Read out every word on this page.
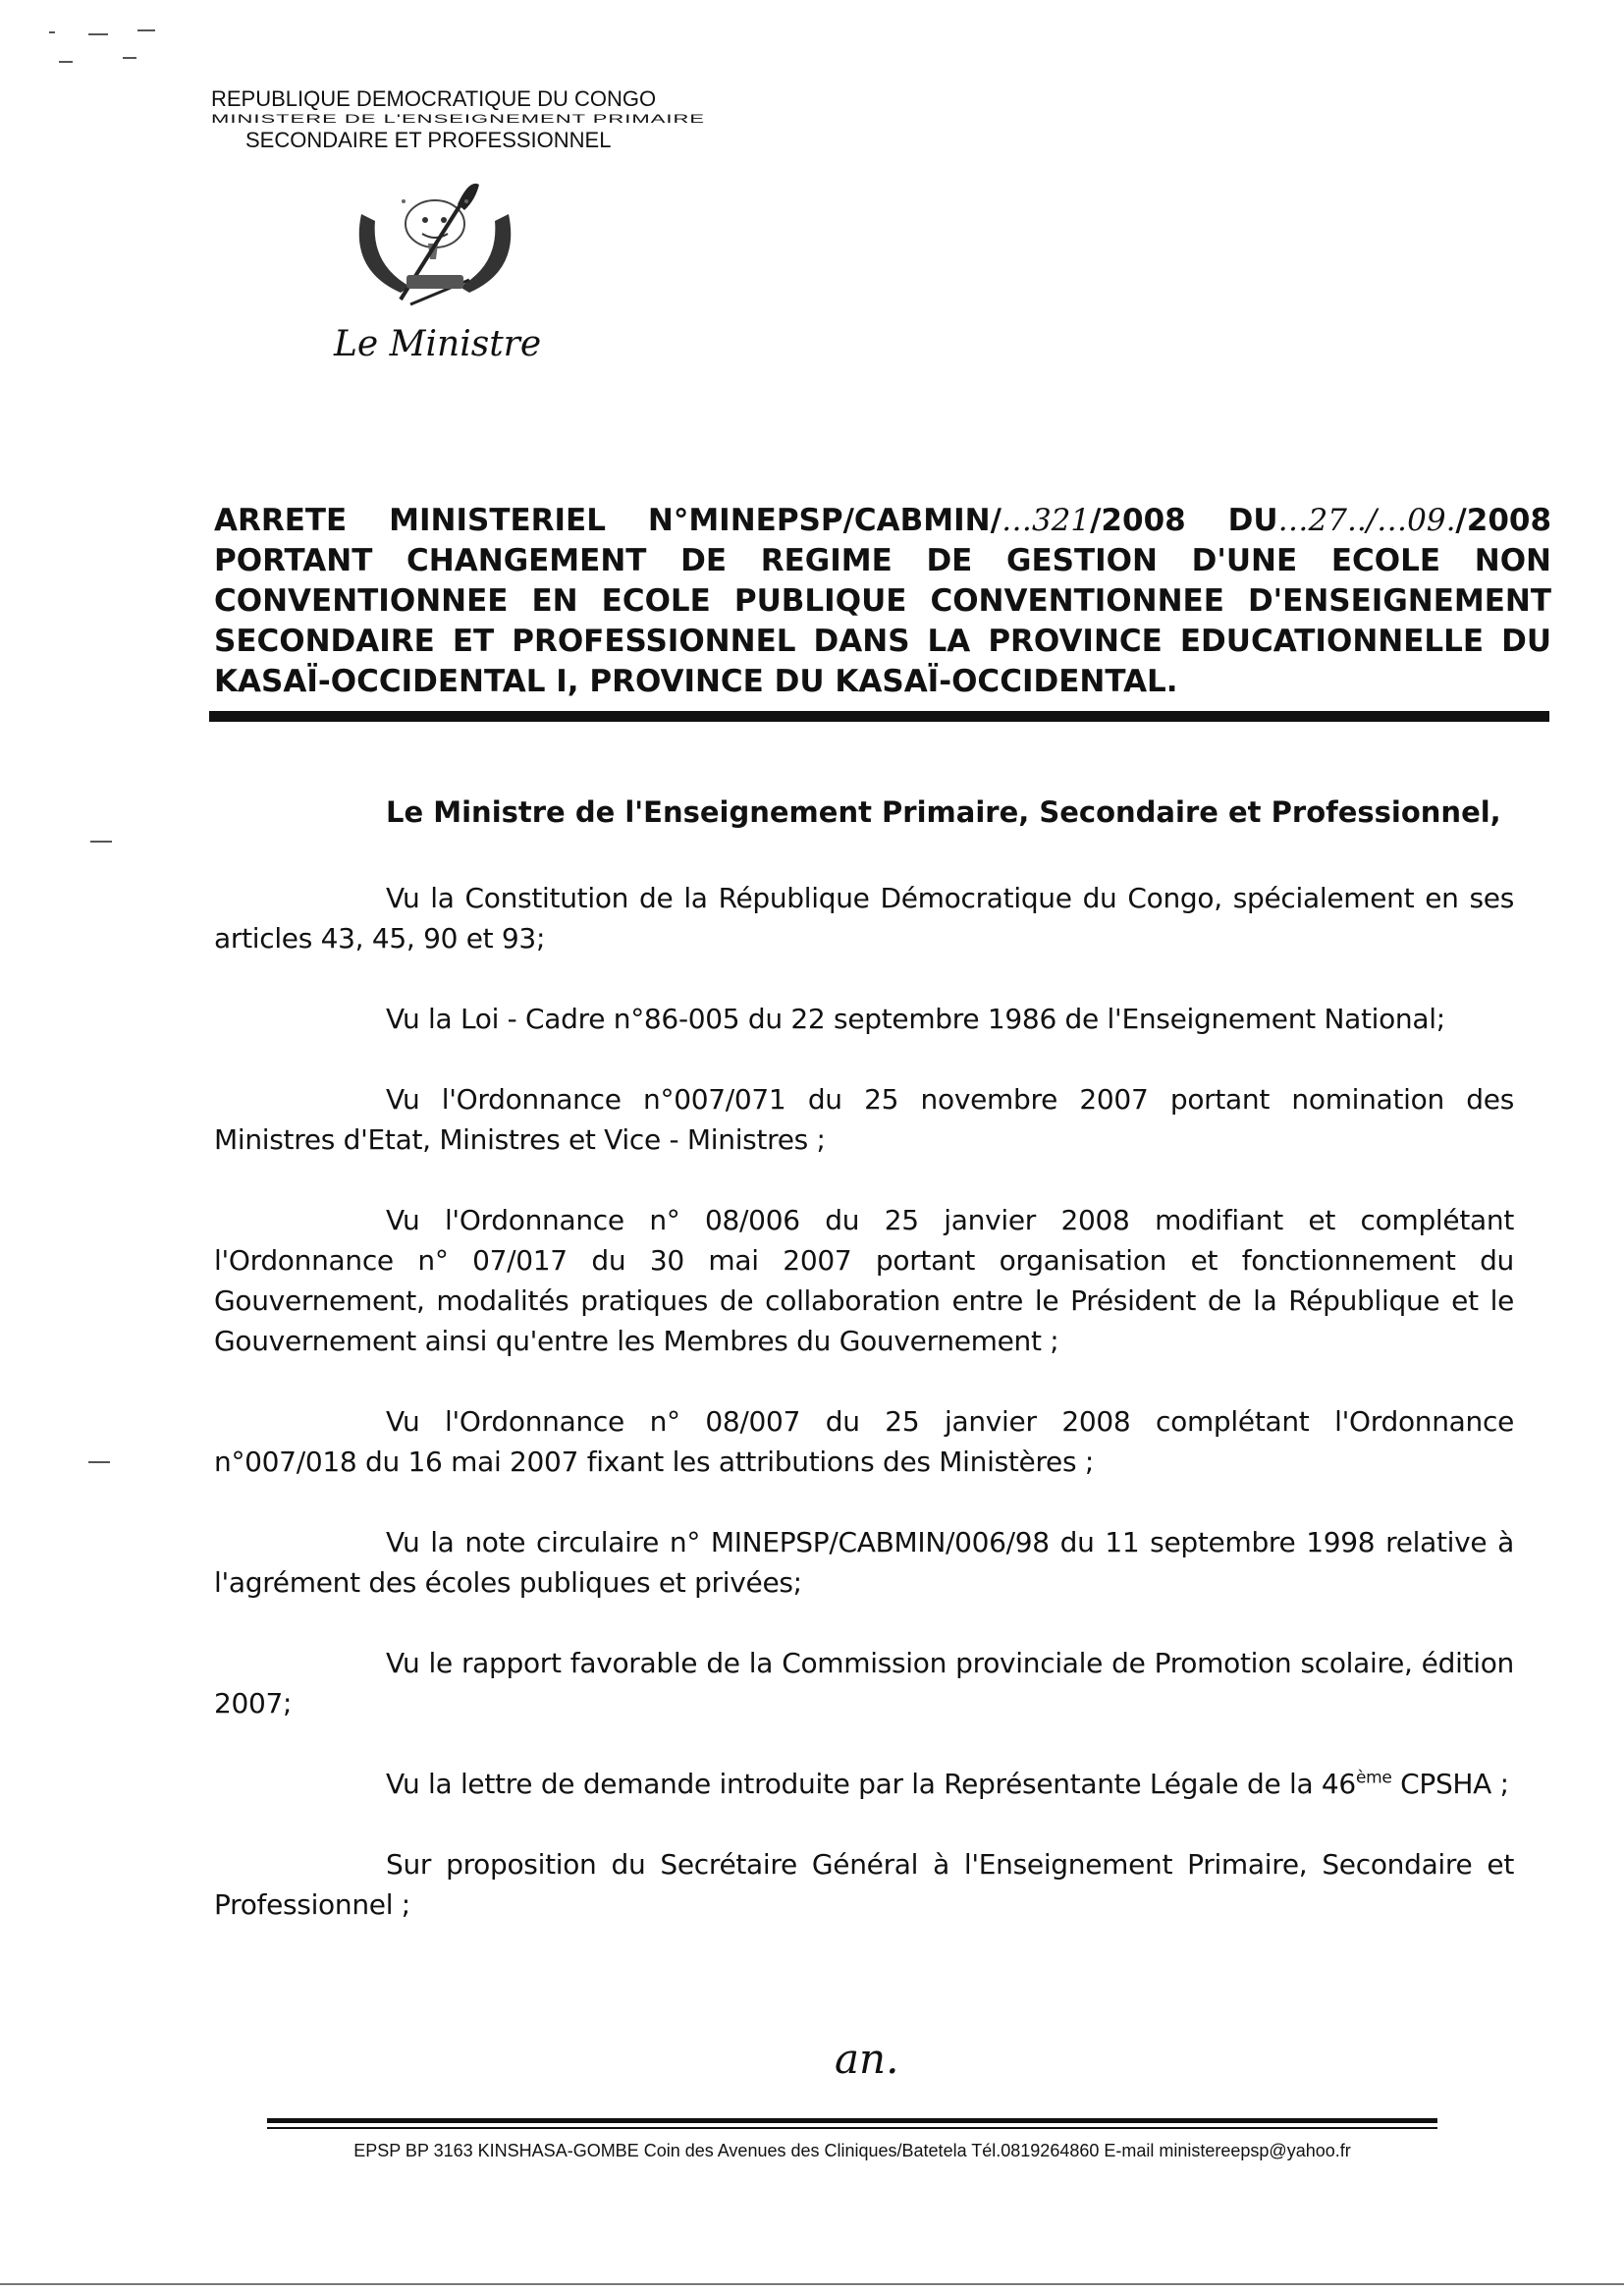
REPUBLIQUE DEMOCRATIQUE DU CONGO
MINISTERE DE L'ENSEIGNEMENT PRIMAIRE
SECONDAIRE ET PROFESSIONNEL
Le Ministre
ARRETE MINISTERIEL N°MINEPSP/CABMIN/…321/2008 DU…27../…09./2008
PORTANT CHANGEMENT DE REGIME DE GESTION D'UNE ECOLE NON
CONVENTIONNEE EN ECOLE PUBLIQUE CONVENTIONNEE D'ENSEIGNEMENT
SECONDAIRE ET PROFESSIONNEL DANS LA PROVINCE EDUCATIONNELLE DU
KASAÏ-OCCIDENTAL I, PROVINCE DU KASAÏ-OCCIDENTAL.
Le Ministre de l'Enseignement Primaire, Secondaire et Professionnel,

Vu la Constitution de la République Démocratique du Congo, spécialement en ses articles 43, 45, 90 et 93;

Vu la Loi - Cadre n°86-005 du 22 septembre 1986 de l'Enseignement National;

Vu l'Ordonnance n°007/071 du 25 novembre 2007 portant nomination des Ministres d'Etat, Ministres et Vice - Ministres ;

Vu l'Ordonnance n° 08/006 du 25 janvier 2008 modifiant et complétant l'Ordonnance n° 07/017 du 30 mai 2007 portant organisation et fonctionnement du Gouvernement, modalités pratiques de collaboration entre le Président de la République et le Gouvernement ainsi qu'entre les Membres du Gouvernement ;

Vu l'Ordonnance n° 08/007 du 25 janvier 2008 complétant l'Ordonnance n°007/018 du 16 mai 2007 fixant les attributions des Ministères ;

Vu la note circulaire n° MINEPSP/CABMIN/006/98 du 11 septembre 1998 relative à l'agrément des écoles publiques et privées;

Vu le rapport favorable de la Commission provinciale de Promotion scolaire, édition 2007;

Vu la lettre de demande introduite par la Représentante Légale de la 46ème CPSHA ;

Sur proposition du Secrétaire Général à l'Enseignement Primaire, Secondaire et Professionnel ;

an.
EPSP BP 3163 KINSHASA-GOMBE Coin des Avenues des Cliniques/Batetela Tél.0819264860 E-mail ministereepsp@yahoo.fr
